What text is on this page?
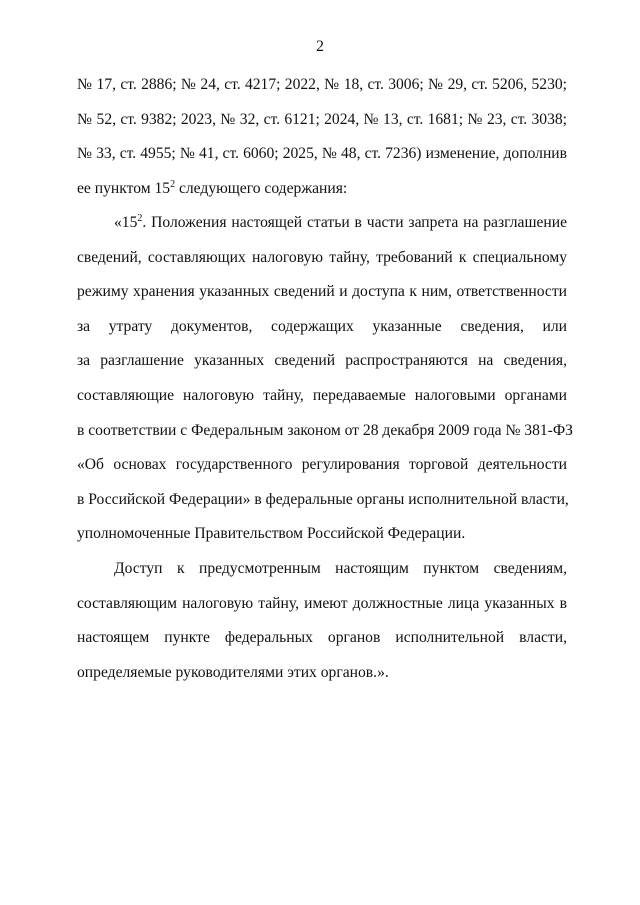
2
№ 17, ст. 2886; № 24, ст. 4217; 2022, № 18, ст. 3006; № 29, ст. 5206, 5230;
№ 52, ст. 9382; 2023, № 32, ст. 6121; 2024, № 13, ст. 1681; № 23, ст. 3038;
№ 33, ст. 4955; № 41, ст. 6060; 2025, № 48, ст. 7236) изменение, дополнив
ее пунктом $15^2$ следующего содержания:
«$15^2$. Положения настоящей статьи в части запрета на разглашение
сведений, составляющих налоговую тайну, требований к специальному
режиму хранения указанных сведений и доступа к ним, ответственности
за утрату документов, содержащих указанные сведения, или
за разглашение указанных сведений распространяются на сведения,
составляющие налоговую тайну, передаваемые налоговыми органами
в соответствии с Федеральным законом от 28 декабря 2009 года № 381-ФЗ
«Об основах государственного регулирования торговой деятельности
в Российской Федерации» в федеральные органы исполнительной власти,
уполномоченные Правительством Российской Федерации.
Доступ к предусмотренным настоящим пунктом сведениям,
составляющим налоговую тайну, имеют должностные лица указанных в
настоящем пункте федеральных органов исполнительной власти,
определяемые руководителями этих органов.».
